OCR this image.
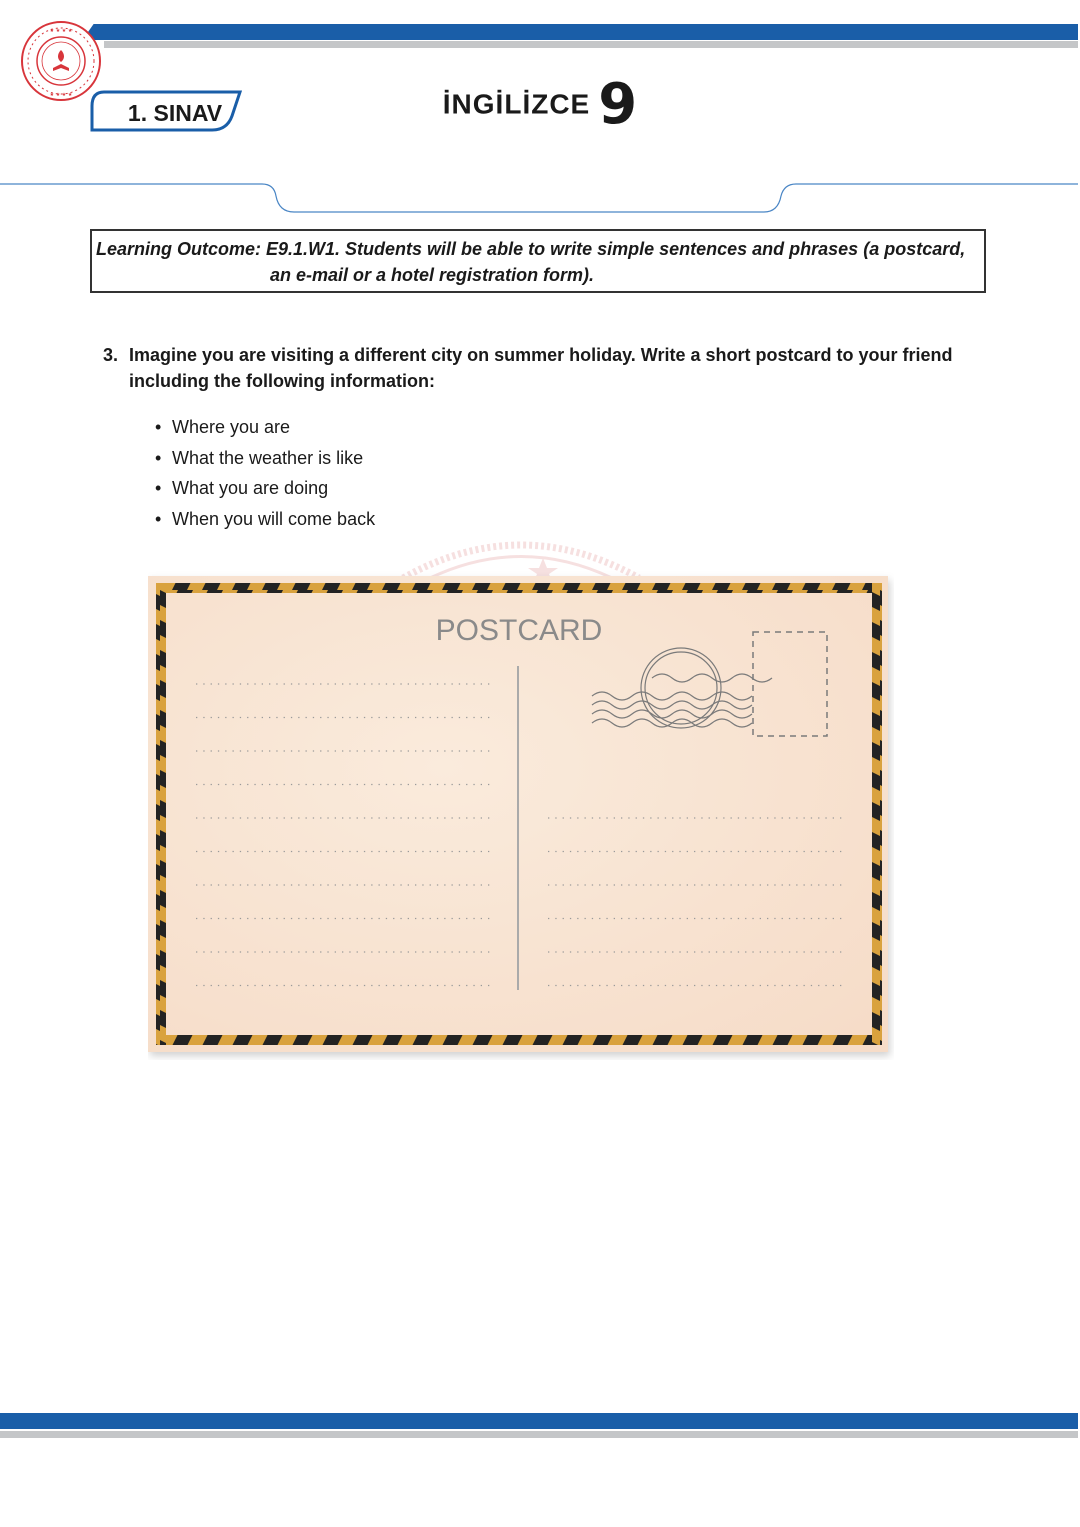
★ ★ ★ ★
★ ★ ★ ★
1. SINAV	İNGİLİZCE 9
Learning Outcome: E9.1.W1. Students will be able to write simple sentences and phrases (a postcard,
an e-mail or a hotel registration form).
3. Imagine you are visiting a different city on summer holiday. Write a short postcard to your friend including the following information:
• Where you are
• What the weather is like
• What you are doing
• When you will come back
POSTCARD
